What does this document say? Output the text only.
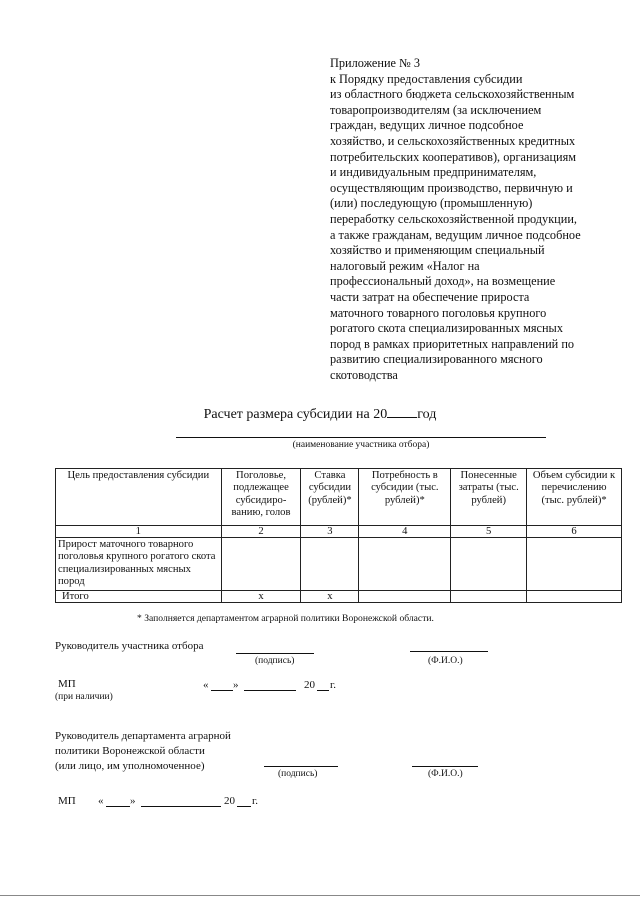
Приложение № 3
к Порядку предоставления субсидии
из областного бюджета сельскохозяйственным
товаропроизводителям (за исключением
граждан, ведущих личное подсобное
хозяйство, и сельскохозяйственных кредитных
потребительских кооперативов), организациям
и индивидуальным предпринимателям,
осуществляющим производство, первичную и
(или) последующую (промышленную)
переработку сельскохозяйственной продукции,
а также гражданам, ведущим личное подсобное
хозяйство и применяющим специальный
налоговый режим «Налог на
профессиональный доход», на возмещение
части затрат на обеспечение прироста
маточного товарного поголовья крупного
рогатого скота специализированных мясных
пород в рамках приоритетных направлений по
развитию специализированного мясного
скотоводства
Расчет размера субсидии на 20 год
(наименование участника отбора)
Цель предоставления субсидии	Поголовье, подлежащее субсидиро-ванию, голов	Ставка субсидии (рублей)*	Потребность в субсидии (тыс. рублей)*	Понесенные затраты (тыс. рублей)	Объем субсидии к перечислению (тыс. рублей)*
1	2	3	4	5	6
Прирост маточного товарного поголовья крупного рогатого скота специализированных мясных пород					
Итого	x	x			
* Заполняется департаментом аграрной политики Воронежской области.
Руководитель участника отбора
(подпись)	(Ф.И.О.)
МП
(при наличии)
« »	20 г.
Руководитель департамента аграрной
политики Воронежской области
(или лицо, им уполномоченное)
(подпись)	(Ф.И.О.)
МП « »	20 г.
